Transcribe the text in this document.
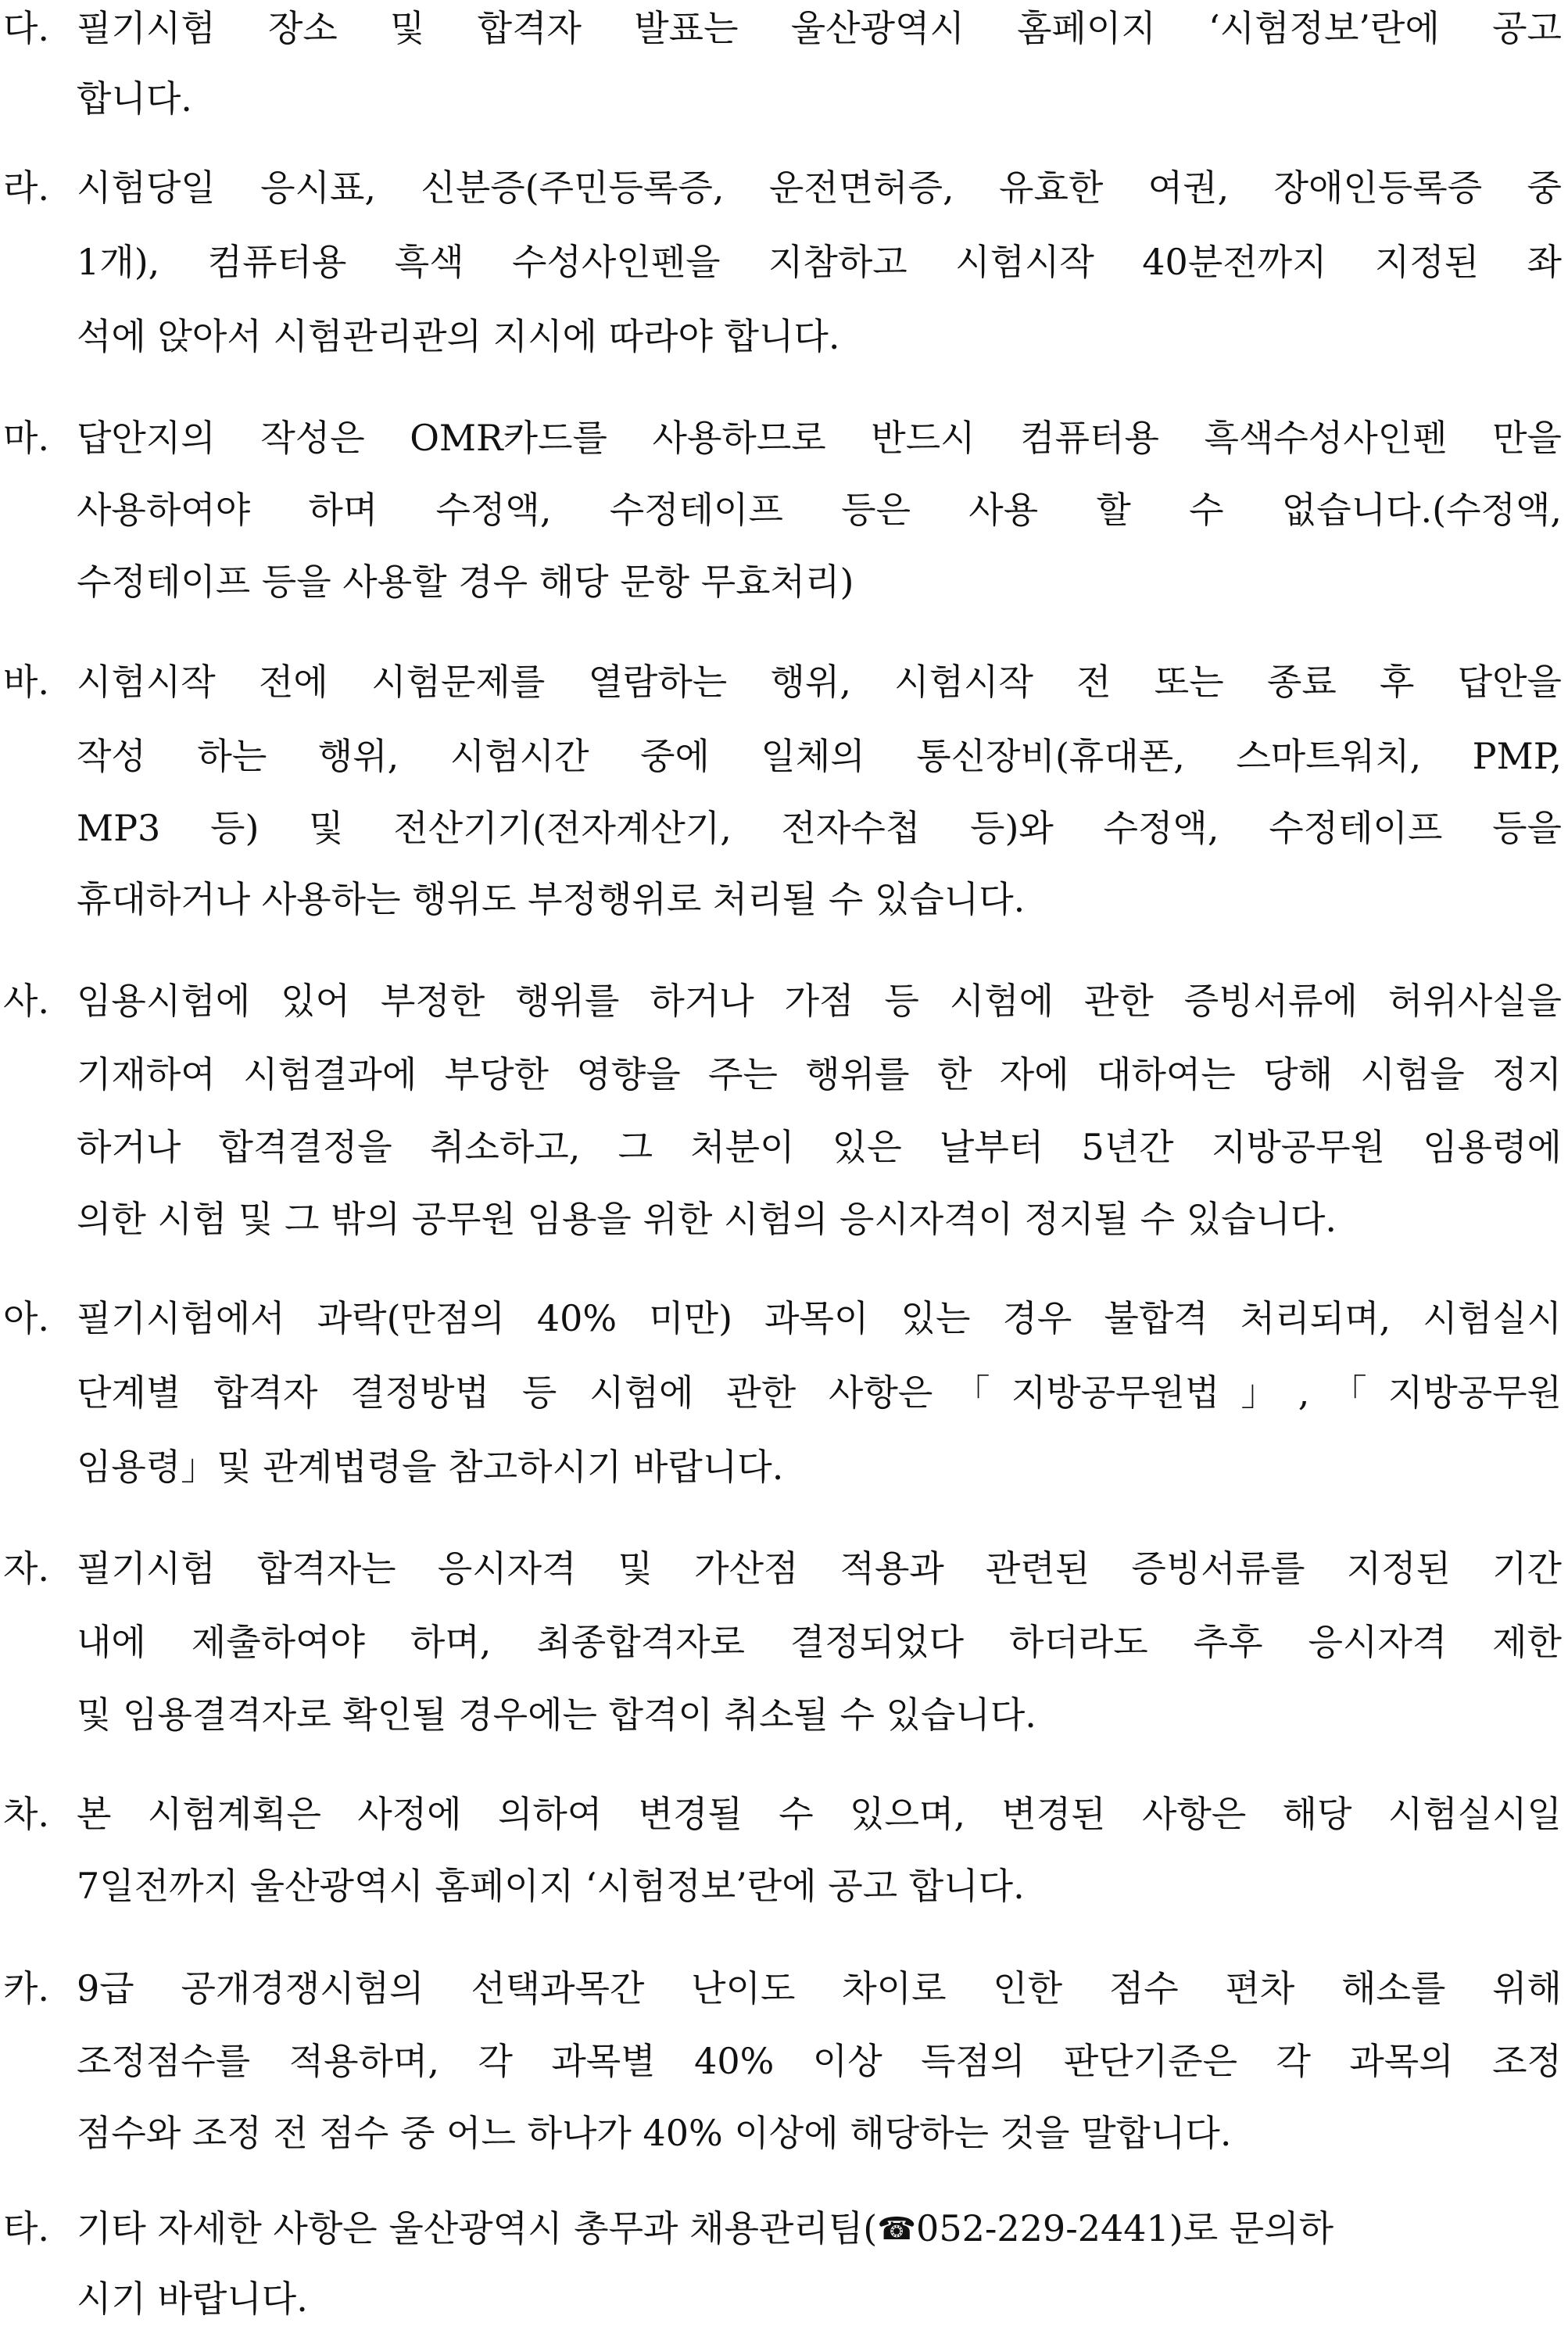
다. 필기시험 장소 및 합격자 발표는 울산광역시 홈페이지 ‘시험정보’란에 공고
합니다.
라. 시험당일 응시표, 신분증(주민등록증, 운전면허증, 유효한 여권, 장애인등록증 중
1개), 컴퓨터용 흑색 수성사인펜을 지참하고 시험시작 40분전까지 지정된 좌
석에 앉아서 시험관리관의 지시에 따라야 합니다.
마. 답안지의 작성은 OMR카드를 사용하므로 반드시 컴퓨터용 흑색수성사인펜 만을
사용하여야 하며 수정액, 수정테이프 등은 사용 할 수 없습니다.(수정액,
수정테이프 등을 사용할 경우 해당 문항 무효처리)
바. 시험시작 전에 시험문제를 열람하는 행위, 시험시작 전 또는 종료 후 답안을
작성 하는 행위, 시험시간 중에 일체의 통신장비(휴대폰, 스마트워치, PMP,
MP3 등) 및 전산기기(전자계산기, 전자수첩 등)와 수정액, 수정테이프 등을
휴대하거나 사용하는 행위도 부정행위로 처리될 수 있습니다.
사. 임용시험에 있어 부정한 행위를 하거나 가점 등 시험에 관한 증빙서류에 허위사실을
기재하여 시험결과에 부당한 영향을 주는 행위를 한 자에 대하여는 당해 시험을 정지
하거나 합격결정을 취소하고, 그 처분이 있은 날부터 5년간 지방공무원 임용령에
의한 시험 및 그 밖의 공무원 임용을 위한 시험의 응시자격이 정지될 수 있습니다.
아. 필기시험에서 과락(만점의 40% 미만) 과목이 있는 경우 불합격 처리되며, 시험실시
단계별 합격자 결정방법 등 시험에 관한 사항은「지방공무원법」,「지방공무원
임용령」및 관계법령을 참고하시기 바랍니다.
자. 필기시험 합격자는 응시자격 및 가산점 적용과 관련된 증빙서류를 지정된 기간
내에 제출하여야 하며, 최종합격자로 결정되었다 하더라도 추후 응시자격 제한
및 임용결격자로 확인될 경우에는 합격이 취소될 수 있습니다.
차. 본 시험계획은 사정에 의하여 변경될 수 있으며, 변경된 사항은 해당 시험실시일
7일전까지 울산광역시 홈페이지 ‘시험정보’란에 공고 합니다.
카. 9급 공개경쟁시험의 선택과목간 난이도 차이로 인한 점수 편차 해소를 위해
조정점수를 적용하며, 각 과목별 40% 이상 득점의 판단기준은 각 과목의 조정
점수와 조정 전 점수 중 어느 하나가 40% 이상에 해당하는 것을 말합니다.
타. 기타 자세한 사항은 울산광역시 총무과 채용관리팀(☎052-229-2441)로 문의하
시기 바랍니다.
